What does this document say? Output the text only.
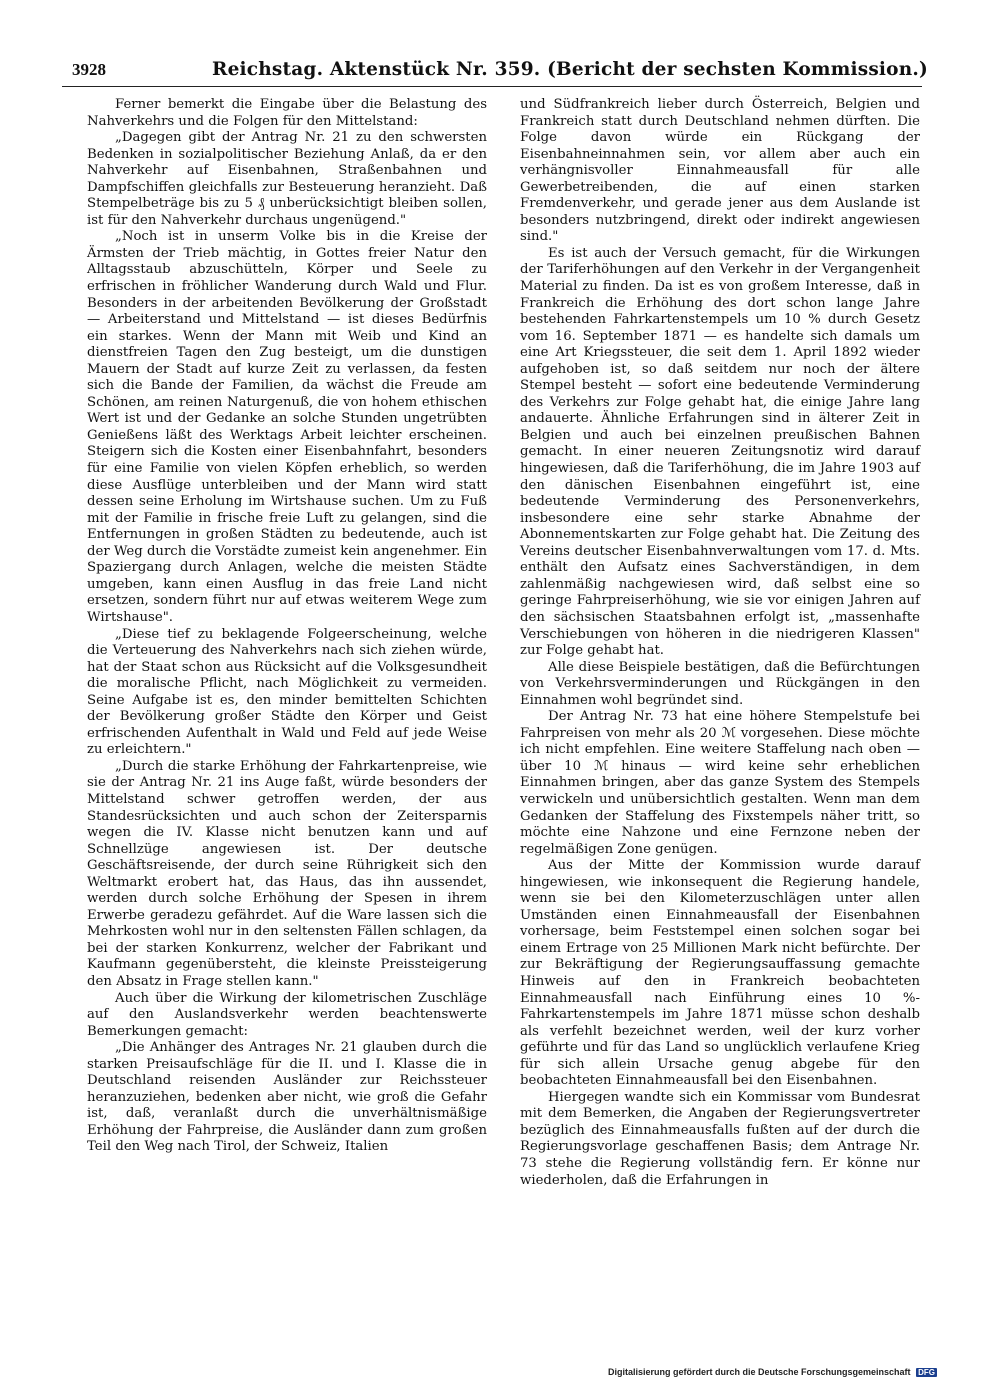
3928	Reichstag. Aktenstück Nr. 359. (Bericht der sechsten Kommission.)

Ferner bemerkt die Eingabe über die Belastung des Nahverkehrs und die Folgen für den Mittelstand:

„Dagegen gibt der Antrag Nr. 21 zu den schwersten Bedenken in sozialpolitischer Beziehung Anlaß, da er den Nahverkehr auf Eisenbahnen, Straßenbahnen und Dampfschiffen gleichfalls zur Besteuerung heranzieht. Daß Stempelbeträge bis zu 5 ₰ unberücksichtigt bleiben sollen, ist für den Nahverkehr durchaus ungenügend."

„Noch ist in unserm Volke bis in die Kreise der Ärmsten der Trieb mächtig, in Gottes freier Natur den Alltagsstaub abzuschütteln, Körper und Seele zu erfrischen in fröhlicher Wanderung durch Wald und Flur. Besonders in der arbeitenden Bevölkerung der Großstadt — Arbeiterstand und Mittelstand — ist dieses Bedürfnis ein starkes. Wenn der Mann mit Weib und Kind an dienstfreien Tagen den Zug besteigt, um die dunstigen Mauern der Stadt auf kurze Zeit zu verlassen, da festen sich die Bande der Familien, da wächst die Freude am Schönen, am reinen Naturgenuß, die von hohem ethischen Wert ist und der Gedanke an solche Stunden ungetrübten Genießens läßt des Werktags Arbeit leichter erscheinen. Steigern sich die Kosten einer Eisenbahnfahrt, besonders für eine Familie von vielen Köpfen erheblich, so werden diese Ausflüge unterbleiben und der Mann wird statt dessen seine Erholung im Wirtshause suchen. Um zu Fuß mit der Familie in frische freie Luft zu gelangen, sind die Entfernungen in großen Städten zu bedeutende, auch ist der Weg durch die Vorstädte zumeist kein angenehmer. Ein Spaziergang durch Anlagen, welche die meisten Städte umgeben, kann einen Ausflug in das freie Land nicht ersetzen, sondern führt nur auf etwas weiterem Wege zum Wirtshause".

„Diese tief zu beklagende Folgeerscheinung, welche die Verteuerung des Nahverkehrs nach sich ziehen würde, hat der Staat schon aus Rücksicht auf die Volksgesundheit die moralische Pflicht, nach Möglichkeit zu vermeiden. Seine Aufgabe ist es, den minder bemittelten Schichten der Bevölkerung großer Städte den Körper und Geist erfrischenden Aufenthalt in Wald und Feld auf jede Weise zu erleichtern."

„Durch die starke Erhöhung der Fahrkartenpreise, wie sie der Antrag Nr. 21 ins Auge faßt, würde besonders der Mittelstand schwer getroffen werden, der aus Standesrücksichten und auch schon der Zeitersparnis wegen die IV. Klasse nicht benutzen kann und auf Schnellzüge angewiesen ist. Der deutsche Geschäftsreisende, der durch seine Rührigkeit sich den Weltmarkt erobert hat, das Haus, das ihn aussendet, werden durch solche Erhöhung der Spesen in ihrem Erwerbe geradezu gefährdet. Auf die Ware lassen sich die Mehrkosten wohl nur in den seltensten Fällen schlagen, da bei der starken Konkurrenz, welcher der Fabrikant und Kaufmann gegenübersteht, die kleinste Preissteigerung den Absatz in Frage stellen kann."

Auch über die Wirkung der kilometrischen Zuschläge auf den Auslandsverkehr werden beachtenswerte Bemerkungen gemacht:

„Die Anhänger des Antrages Nr. 21 glauben durch die starken Preisaufschläge für die II. und I. Klasse die in Deutschland reisenden Ausländer zur Reichssteuer heranzuziehen, bedenken aber nicht, wie groß die Gefahr ist, daß, veranlaßt durch die unverhältnismäßige Erhöhung der Fahrpreise, die Ausländer dann zum großen Teil den Weg nach Tirol, der Schweiz, Italien

und Südfrankreich lieber durch Österreich, Belgien und Frankreich statt durch Deutschland nehmen dürften. Die Folge davon würde ein Rückgang der Eisenbahneinnahmen sein, vor allem aber auch ein verhängnisvoller Einnahmeausfall für alle Gewerbetreibenden, die auf einen starken Fremdenverkehr, und gerade jener aus dem Auslande ist besonders nutzbringend, direkt oder indirekt angewiesen sind."

Es ist auch der Versuch gemacht, für die Wirkungen der Tariferhöhungen auf den Verkehr in der Vergangenheit Material zu finden. Da ist es von großem Interesse, daß in Frankreich die Erhöhung des dort schon lange Jahre bestehenden Fahrkartenstempels um 10 % durch Gesetz vom 16. September 1871 — es handelte sich damals um eine Art Kriegssteuer, die seit dem 1. April 1892 wieder aufgehoben ist, so daß seitdem nur noch der ältere Stempel besteht — sofort eine bedeutende Verminderung des Verkehrs zur Folge gehabt hat, die einige Jahre lang andauerte. Ähnliche Erfahrungen sind in älterer Zeit in Belgien und auch bei einzelnen preußischen Bahnen gemacht. In einer neueren Zeitungsnotiz wird darauf hingewiesen, daß die Tariferhöhung, die im Jahre 1903 auf den dänischen Eisenbahnen eingeführt ist, eine bedeutende Verminderung des Personenverkehrs, insbesondere eine sehr starke Abnahme der Abonnementskarten zur Folge gehabt hat. Die Zeitung des Vereins deutscher Eisenbahnverwaltungen vom 17. d. Mts. enthält den Aufsatz eines Sachverständigen, in dem zahlenmäßig nachgewiesen wird, daß selbst eine so geringe Fahrpreiserhöhung, wie sie vor einigen Jahren auf den sächsischen Staatsbahnen erfolgt ist, „massenhafte Verschiebungen von höheren in die niedrigeren Klassen" zur Folge gehabt hat.

Alle diese Beispiele bestätigen, daß die Befürchtungen von Verkehrsverminderungen und Rückgängen in den Einnahmen wohl begründet sind.

Der Antrag Nr. 73 hat eine höhere Stempelstufe bei Fahrpreisen von mehr als 20 ℳ vorgesehen. Diese möchte ich nicht empfehlen. Eine weitere Staffelung nach oben — über 10 ℳ hinaus — wird keine sehr erheblichen Einnahmen bringen, aber das ganze System des Stempels verwickeln und unübersichtlich gestalten. Wenn man dem Gedanken der Staffelung des Fixstempels näher tritt, so möchte eine Nahzone und eine Fernzone neben der regelmäßigen Zone genügen.

Aus der Mitte der Kommission wurde darauf hingewiesen, wie inkonsequent die Regierung handele, wenn sie bei den Kilometerzuschlägen unter allen Umständen einen Einnahmeausfall der Eisenbahnen vorhersage, beim Feststempel einen solchen sogar bei einem Ertrage von 25 Millionen Mark nicht befürchte. Der zur Bekräftigung der Regierungsauffassung gemachte Hinweis auf den in Frankreich beobachteten Einnahmeausfall nach Einführung eines 10 %-Fahrkartenstempels im Jahre 1871 müsse schon deshalb als verfehlt bezeichnet werden, weil der kurz vorher geführte und für das Land so unglücklich verlaufene Krieg für sich allein Ursache genug abgebe für den beobachteten Einnahmeausfall bei den Eisenbahnen.

Hiergegen wandte sich ein Kommissar vom Bundesrat mit dem Bemerken, die Angaben der Regierungsvertreter bezüglich des Einnahmeausfalls fußten auf der durch die Regierungsvorlage geschaffenen Basis; dem Antrage Nr. 73 stehe die Regierung vollständig fern. Er könne nur wiederholen, daß die Erfahrungen in

Digitalisierung gefördert durch die Deutsche Forschungsgemeinschaft DFG
